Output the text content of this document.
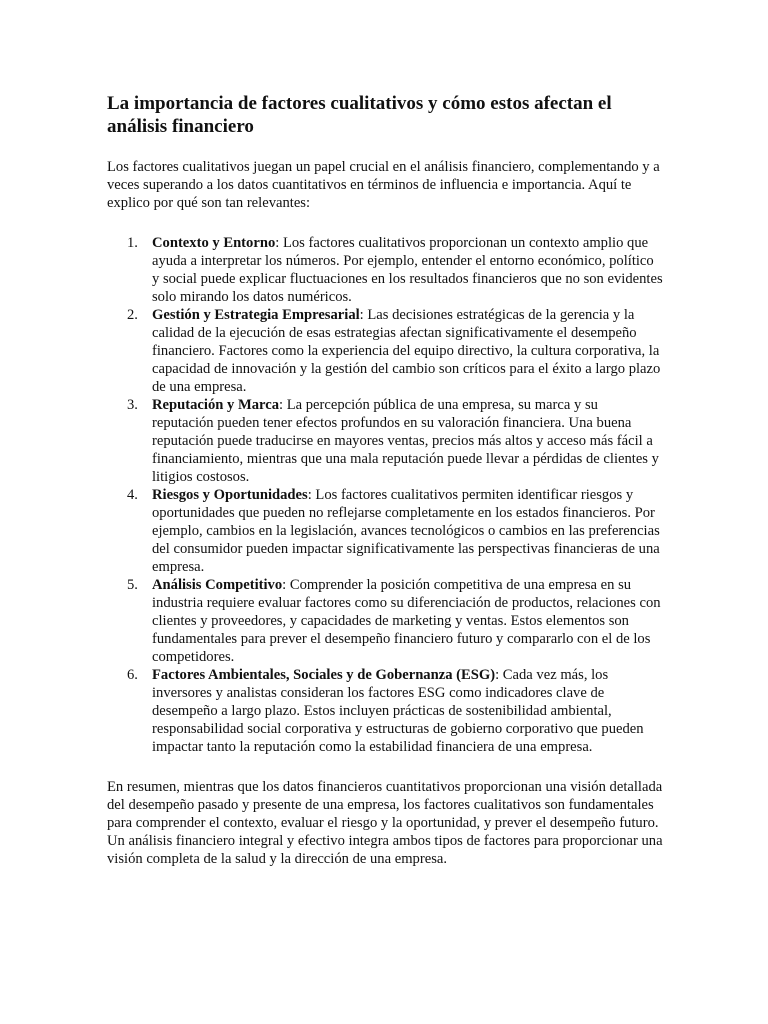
La importancia de factores cualitativos y cómo estos afectan el análisis financiero

Los factores cualitativos juegan un papel crucial en el análisis financiero, complementando y a veces superando a los datos cuantitativos en términos de influencia e importancia. Aquí te explico por qué son tan relevantes:

1. Contexto y Entorno: Los factores cualitativos proporcionan un contexto amplio que ayuda a interpretar los números. Por ejemplo, entender el entorno económico, político y social puede explicar fluctuaciones en los resultados financieros que no son evidentes solo mirando los datos numéricos.
2. Gestión y Estrategia Empresarial: Las decisiones estratégicas de la gerencia y la calidad de la ejecución de esas estrategias afectan significativamente el desempeño financiero. Factores como la experiencia del equipo directivo, la cultura corporativa, la capacidad de innovación y la gestión del cambio son críticos para el éxito a largo plazo de una empresa.
3. Reputación y Marca: La percepción pública de una empresa, su marca y su reputación pueden tener efectos profundos en su valoración financiera. Una buena reputación puede traducirse en mayores ventas, precios más altos y acceso más fácil a financiamiento, mientras que una mala reputación puede llevar a pérdidas de clientes y litigios costosos.
4. Riesgos y Oportunidades: Los factores cualitativos permiten identificar riesgos y oportunidades que pueden no reflejarse completamente en los estados financieros. Por ejemplo, cambios en la legislación, avances tecnológicos o cambios en las preferencias del consumidor pueden impactar significativamente las perspectivas financieras de una empresa.
5. Análisis Competitivo: Comprender la posición competitiva de una empresa en su industria requiere evaluar factores como su diferenciación de productos, relaciones con clientes y proveedores, y capacidades de marketing y ventas. Estos elementos son fundamentales para prever el desempeño financiero futuro y compararlo con el de los competidores.
6. Factores Ambientales, Sociales y de Gobernanza (ESG): Cada vez más, los inversores y analistas consideran los factores ESG como indicadores clave de desempeño a largo plazo. Estos incluyen prácticas de sostenibilidad ambiental, responsabilidad social corporativa y estructuras de gobierno corporativo que pueden impactar tanto la reputación como la estabilidad financiera de una empresa.

En resumen, mientras que los datos financieros cuantitativos proporcionan una visión detallada del desempeño pasado y presente de una empresa, los factores cualitativos son fundamentales para comprender el contexto, evaluar el riesgo y la oportunidad, y prever el desempeño futuro. Un análisis financiero integral y efectivo integra ambos tipos de factores para proporcionar una visión completa de la salud y la dirección de una empresa.
